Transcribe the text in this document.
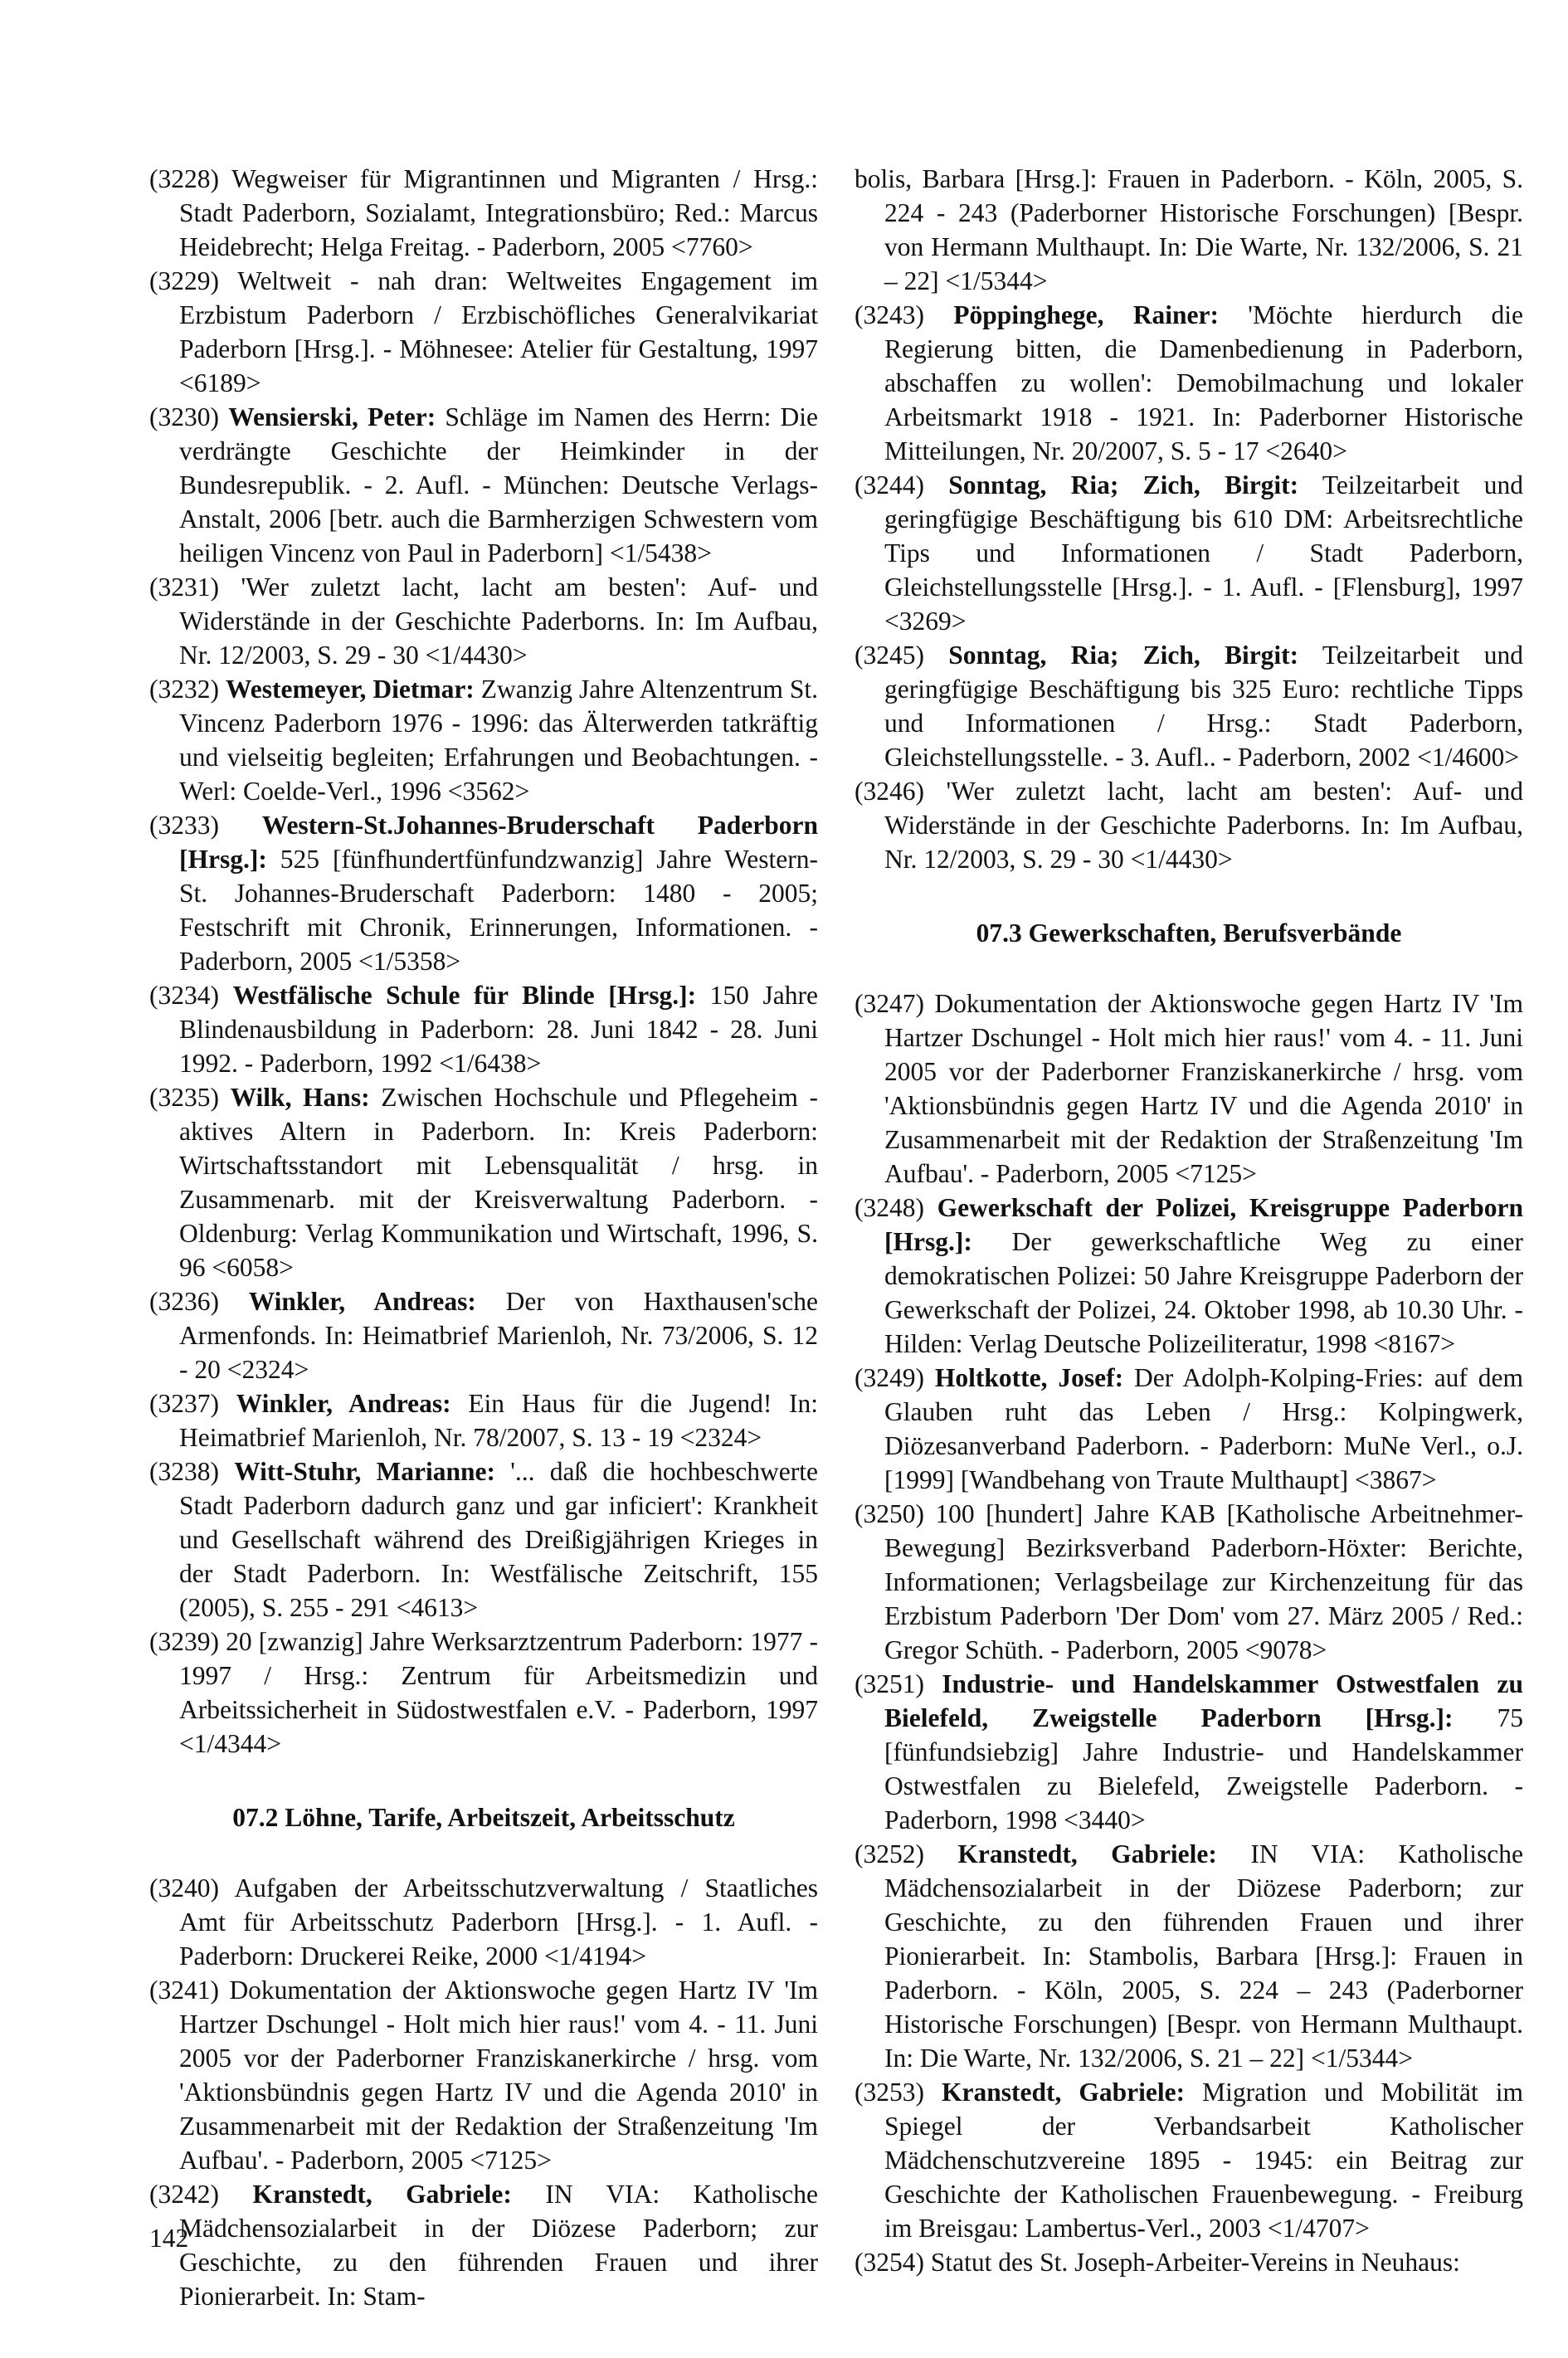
(3228) Wegweiser für Migrantinnen und Migranten / Hrsg.: Stadt Paderborn, Sozialamt, Integrationsbüro; Red.: Marcus Heidebrecht; Helga Freitag. - Paderborn, 2005 <7760>

(3229) Weltweit - nah dran: Weltweites Engagement im Erzbistum Paderborn / Erzbischöfliches Generalvikariat Paderborn [Hrsg.]. - Möhnesee: Atelier für Gestaltung, 1997 <6189>

(3230) Wensierski, Peter: Schläge im Namen des Herrn: Die verdrängte Geschichte der Heimkinder in der Bundesrepublik. - 2. Aufl. - München: Deutsche Verlags-Anstalt, 2006 [betr. auch die Barmherzigen Schwestern vom heiligen Vincenz von Paul in Paderborn] <1/5438>

(3231) 'Wer zuletzt lacht, lacht am besten': Auf- und Widerstände in der Geschichte Paderborns. In: Im Aufbau, Nr. 12/2003, S. 29 - 30 <1/4430>

(3232) Westemeyer, Dietmar: Zwanzig Jahre Altenzentrum St. Vincenz Paderborn 1976 - 1996: das Älterwerden tatkräftig und vielseitig begleiten; Erfahrungen und Beobachtungen. - Werl: Coelde-Verl., 1996 <3562>

(3233) Western-St.Johannes-Bruderschaft Paderborn [Hrsg.]: 525 [fünfhundertfünfundzwanzig] Jahre Western-St. Johannes-Bruderschaft Paderborn: 1480 - 2005; Festschrift mit Chronik, Erinnerungen, Informationen. - Paderborn, 2005 <1/5358>

(3234) Westfälische Schule für Blinde [Hrsg.]: 150 Jahre Blindenausbildung in Paderborn: 28. Juni 1842 - 28. Juni 1992. - Paderborn, 1992 <1/6438>

(3235) Wilk, Hans: Zwischen Hochschule und Pflegeheim - aktives Altern in Paderborn. In: Kreis Paderborn: Wirtschaftsstandort mit Lebensqualität / hrsg. in Zusammenarb. mit der Kreisverwaltung Paderborn. - Oldenburg: Verlag Kommunikation und Wirtschaft, 1996, S. 96 <6058>

(3236) Winkler, Andreas: Der von Haxthausen'sche Armenfonds. In: Heimatbrief Marienloh, Nr. 73/2006, S. 12 - 20 <2324>

(3237) Winkler, Andreas: Ein Haus für die Jugend! In: Heimatbrief Marienloh, Nr. 78/2007, S. 13 - 19 <2324>

(3238) Witt-Stuhr, Marianne: '... daß die hochbeschwerte Stadt Paderborn dadurch ganz und gar inficiert': Krankheit und Gesellschaft während des Dreißigjährigen Krieges in der Stadt Paderborn. In: Westfälische Zeitschrift, 155 (2005), S. 255 - 291 <4613>

(3239) 20 [zwanzig] Jahre Werksarztzentrum Paderborn: 1977 - 1997 / Hrsg.: Zentrum für Arbeitsmedizin und Arbeitssicherheit in Südostwestfalen e.V. - Paderborn, 1997 <1/4344>

07.2 Löhne, Tarife, Arbeitszeit, Arbeitsschutz

(3240) Aufgaben der Arbeitsschutzverwaltung / Staatliches Amt für Arbeitsschutz Paderborn [Hrsg.]. - 1. Aufl. - Paderborn: Druckerei Reike, 2000 <1/4194>

(3241) Dokumentation der Aktionswoche gegen Hartz IV 'Im Hartzer Dschungel - Holt mich hier raus!' vom 4. - 11. Juni 2005 vor der Paderborner Franziskanerkirche / hrsg. vom 'Aktionsbündnis gegen Hartz IV und die Agenda 2010' in Zusammenarbeit mit der Redaktion der Straßenzeitung 'Im Aufbau'. - Paderborn, 2005 <7125>

(3242) Kranstedt, Gabriele: IN VIA: Katholische Mädchensozialarbeit in der Diözese Paderborn; zur Geschichte, zu den führenden Frauen und ihrer Pionierarbeit. In: Stam-

bolis, Barbara [Hrsg.]: Frauen in Paderborn. - Köln, 2005, S. 224 - 243 (Paderborner Historische Forschungen) [Bespr. von Hermann Multhaupt. In: Die Warte, Nr. 132/2006, S. 21 – 22] <1/5344>

(3243) Pöppinghege, Rainer: 'Möchte hierdurch die Regierung bitten, die Damenbedienung in Paderborn, abschaffen zu wollen': Demobilmachung und lokaler Arbeitsmarkt 1918 - 1921. In: Paderborner Historische Mitteilungen, Nr. 20/2007, S. 5 - 17 <2640>

(3244) Sonntag, Ria; Zich, Birgit: Teilzeitarbeit und geringfügige Beschäftigung bis 610 DM: Arbeitsrechtliche Tips und Informationen / Stadt Paderborn, Gleichstellungsstelle [Hrsg.]. - 1. Aufl. - [Flensburg], 1997 <3269>

(3245) Sonntag, Ria; Zich, Birgit: Teilzeitarbeit und geringfügige Beschäftigung bis 325 Euro: rechtliche Tipps und Informationen / Hrsg.: Stadt Paderborn, Gleichstellungsstelle. - 3. Aufl.. - Paderborn, 2002 <1/4600>

(3246) 'Wer zuletzt lacht, lacht am besten': Auf- und Widerstände in der Geschichte Paderborns. In: Im Aufbau, Nr. 12/2003, S. 29 - 30 <1/4430>

07.3 Gewerkschaften, Berufsverbände

(3247) Dokumentation der Aktionswoche gegen Hartz IV 'Im Hartzer Dschungel - Holt mich hier raus!' vom 4. - 11. Juni 2005 vor der Paderborner Franziskanerkirche / hrsg. vom 'Aktionsbündnis gegen Hartz IV und die Agenda 2010' in Zusammenarbeit mit der Redaktion der Straßenzeitung 'Im Aufbau'. - Paderborn, 2005 <7125>

(3248) Gewerkschaft der Polizei, Kreisgruppe Paderborn [Hrsg.]: Der gewerkschaftliche Weg zu einer demokratischen Polizei: 50 Jahre Kreisgruppe Paderborn der Gewerkschaft der Polizei, 24. Oktober 1998, ab 10.30 Uhr. - Hilden: Verlag Deutsche Polizeiliteratur, 1998 <8167>

(3249) Holtkotte, Josef: Der Adolph-Kolping-Fries: auf dem Glauben ruht das Leben / Hrsg.: Kolpingwerk, Diözesanverband Paderborn. - Paderborn: MuNe Verl., o.J. [1999] [Wandbehang von Traute Multhaupt] <3867>

(3250) 100 [hundert] Jahre KAB [Katholische Arbeitnehmer-Bewegung] Bezirksverband Paderborn-Höxter: Berichte, Informationen; Verlagsbeilage zur Kirchenzeitung für das Erzbistum Paderborn 'Der Dom' vom 27. März 2005 / Red.: Gregor Schüth. - Paderborn, 2005 <9078>

(3251) Industrie- und Handelskammer Ostwestfalen zu Bielefeld, Zweigstelle Paderborn [Hrsg.]: 75 [fünfundsiebzig] Jahre Industrie- und Handelskammer Ostwestfalen zu Bielefeld, Zweigstelle Paderborn. - Paderborn, 1998 <3440>

(3252) Kranstedt, Gabriele: IN VIA: Katholische Mädchensozialarbeit in der Diözese Paderborn; zur Geschichte, zu den führenden Frauen und ihrer Pionierarbeit. In: Stambolis, Barbara [Hrsg.]: Frauen in Paderborn. - Köln, 2005, S. 224 – 243 (Paderborner Historische Forschungen) [Bespr. von Hermann Multhaupt. In: Die Warte, Nr. 132/2006, S. 21 – 22] <1/5344>

(3253) Kranstedt, Gabriele: Migration und Mobilität im Spiegel der Verbandsarbeit Katholischer Mädchenschutzvereine 1895 - 1945: ein Beitrag zur Geschichte der Katholischen Frauenbewegung. - Freiburg im Breisgau: Lambertus-Verl., 2003 <1/4707>

(3254) Statut des St. Joseph-Arbeiter-Vereins in Neuhaus:

142
